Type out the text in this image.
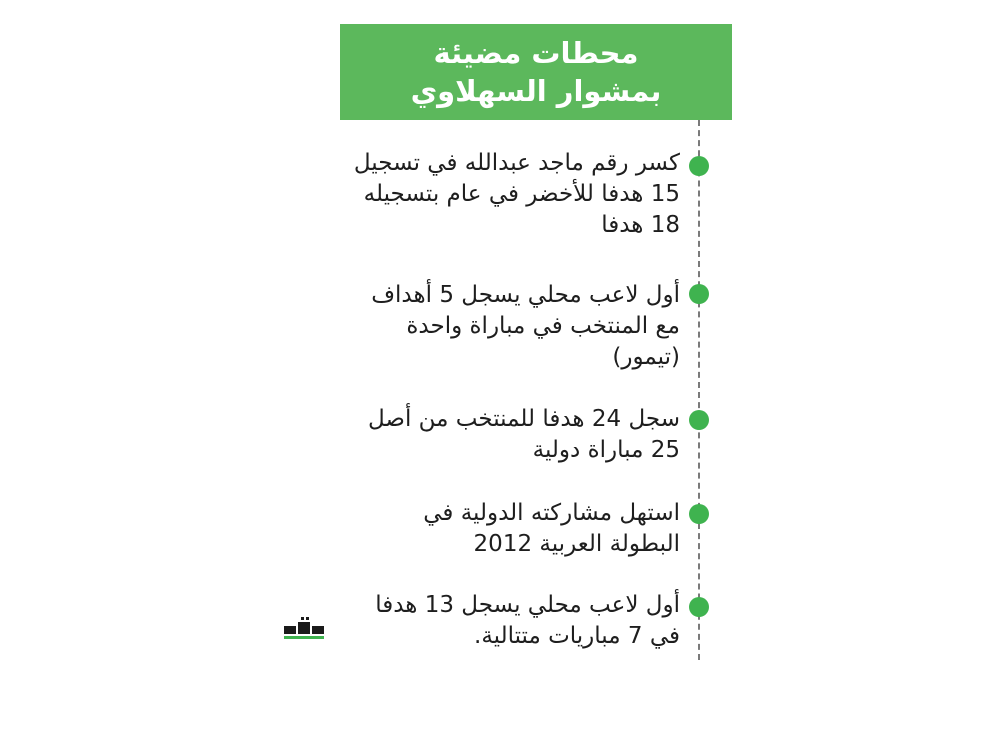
محطات مضيئة
بمشوار السهلاوي
كسر رقم ماجد عبدالله في تسجيل
15 هدفا للأخضر في عام بتسجيله
18 هدفا
أول لاعب محلي يسجل 5 أهداف
مع المنتخب في مباراة واحدة
(تيمور)
سجل 24 هدفا للمنتخب من أصل
25 مباراة دولية
استهل مشاركته الدولية في
البطولة العربية 2012
أول لاعب محلي يسجل 13 هدفا
في 7 مباريات متتالية.
